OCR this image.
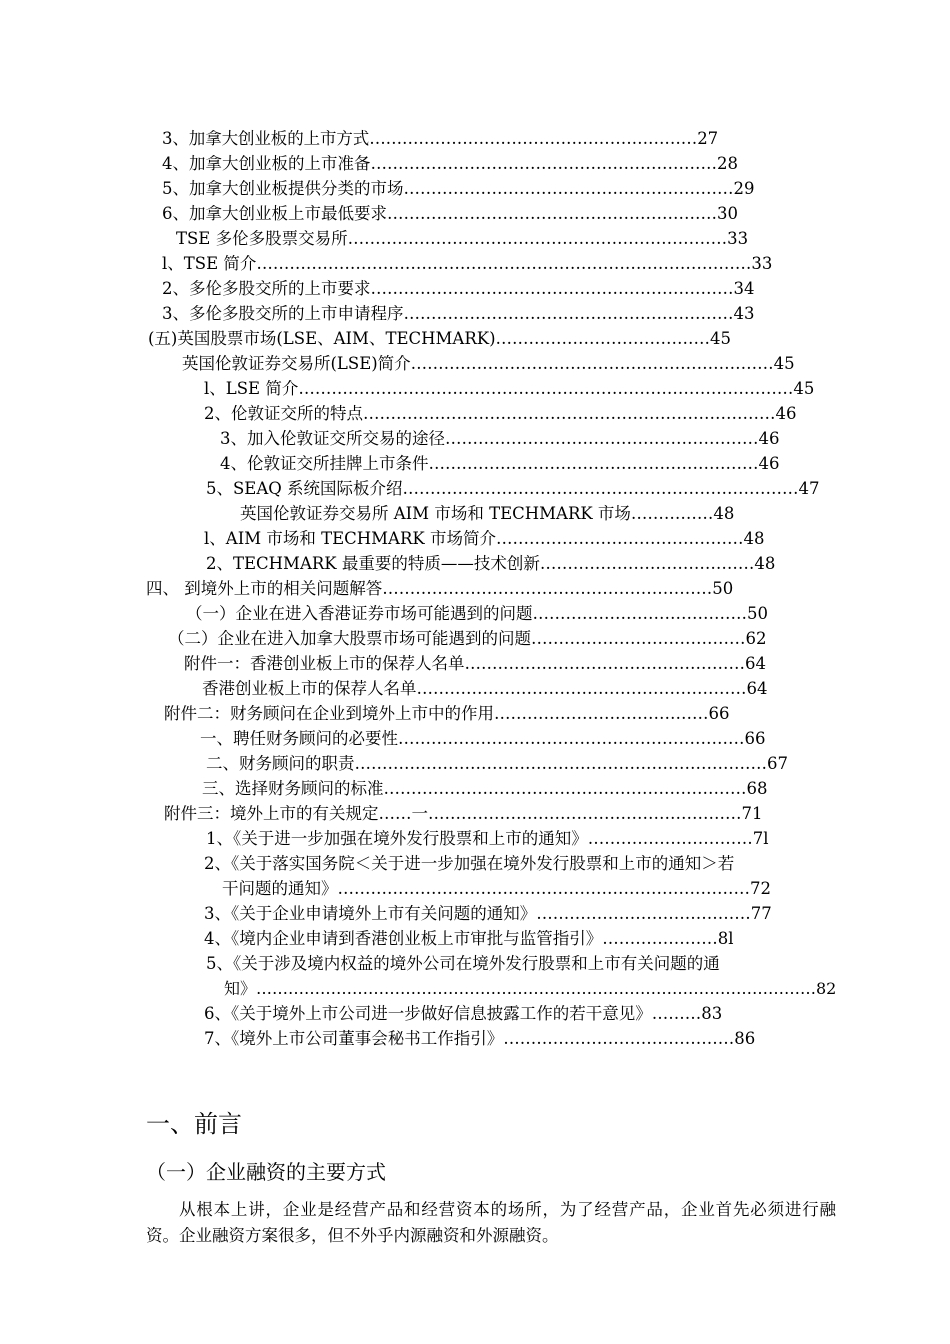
3、加拿大创业板的上市方式……………………………………………………27
4、加拿大创业板的上市准备………………………………………………………28
5、加拿大创业板提供分类的市场……………………………………………………29
6、加拿大创业板上市最低要求……………………………………………………30
TSE 多伦多股票交易所……………………………………………………………33
l、TSE 简介………………………………………………………………………………33
2、多伦多股交所的上市要求…………………………………………………………34
3、多伦多股交所的上市申请程序……………………………………………………43
(五)英国股票市场(LSE、AIM、TECHMARK)…………………………………45
英国伦敦证券交易所(LSE)简介…………………………………………………………45
l、LSE 简介………………………………………………………………………………45
2、伦敦证交所的特点…………………………………………………………………46
3、加入伦敦证交所交易的途径…………………………………………………46
4、伦敦证交所挂牌上市条件……………………………………………………46
5、SEAQ 系统国际板介绍………………………………………………………………47
英国伦敦证券交易所 AIM 市场和 TECHMARK 市场……………48
l、AIM 市场和 TECHMARK 市场简介………………………………………48
2、TECHMARK 最重要的特质——技术创新…………………………………48
四、 到境外上市的相关问题解答……………………………………………………50
（一）企业在进入香港证券市场可能遇到的问题…………………………………50
（二）企业在进入加拿大股票市场可能遇到的问题…………………………………62
附件一：香港创业板上市的保荐人名单……………………………………………64
香港创业板上市的保荐人名单……………………………………………………64
附件二：财务顾问在企业到境外上市中的作用…………………………………66
一、聘任财务顾问的必要性………………………………………………………66
二、财务顾问的职责…………………………………………………………………67
三、选择财务顾问的标准…………………………………………………………68
附件三：境外上市的有关规定……一…………………………………………………71
1、《关于进一步加强在境外发行股票和上市的通知》…………………………7l
2、《关于落实国务院＜关于进一步加强在境外发行股票和上市的通知＞若
干问题的通知》…………………………………………………………………72
3、《关于企业申请境外上市有关问题的通知》…………………………………77
4、《境内企业申请到香港创业板上市审批与监管指引》…………………8l
5、《关于涉及境内权益的境外公司在境外发行股票和上市有关问题的通
知》……………………………………………………………………………………………82
6、《关于境外上市公司进一步做好信息披露工作的若干意见》………83
7、《境外上市公司董事会秘书工作指引》……………………………………86
一、前言
（一）企业融资的主要方式
从根本上讲，企业是经营产品和经营资本的场所，为了经营产品，企业首先必须进行融资。企业融资方案很多，但不外乎内源融资和外源融资。
